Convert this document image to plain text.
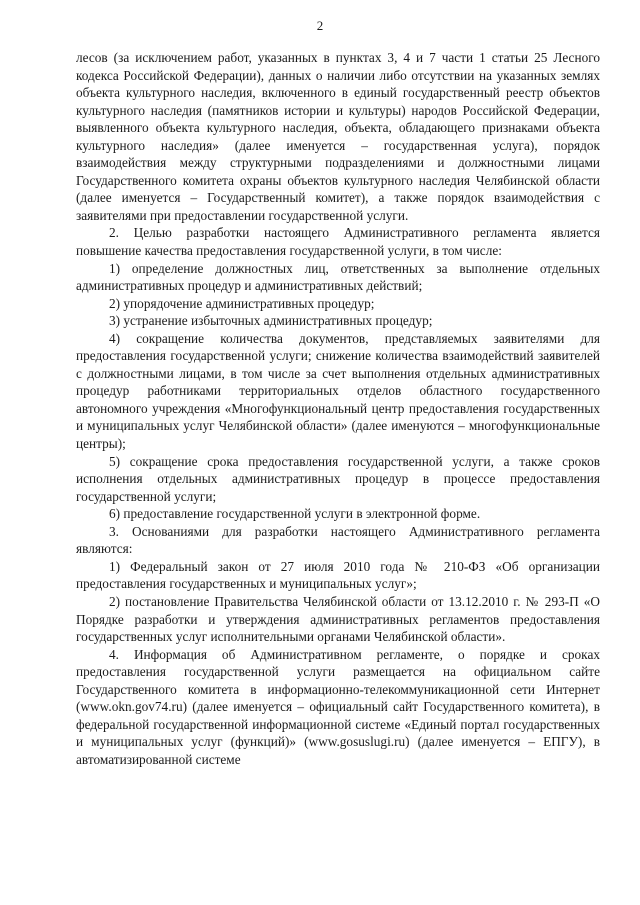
2

лесов (за исключением работ, указанных в пунктах 3, 4 и 7 части 1 статьи 25 Лесного кодекса Российской Федерации), данных о наличии либо отсутствии на указанных землях объекта культурного наследия, включенного в единый государственный реестр объектов культурного наследия (памятников истории и культуры) народов Российской Федерации, выявленного объекта культурного наследия, объекта, обладающего признаками объекта культурного наследия» (далее именуется – государственная услуга), порядок взаимодействия между структурными подразделениями и должностными лицами Государственного комитета охраны объектов культурного наследия Челябинской области (далее именуется – Государственный комитет), а также порядок взаимодействия с заявителями при предоставлении государственной услуги.

2. Целью разработки настоящего Административного регламента является повышение качества предоставления государственной услуги, в том числе:

1) определение должностных лиц, ответственных за выполнение отдельных административных процедур и административных действий;

2) упорядочение административных процедур;

3) устранение избыточных административных процедур;

4) сокращение количества документов, представляемых заявителями для предоставления государственной услуги; снижение количества взаимодействий заявителей с должностными лицами, в том числе за счет выполнения отдельных административных процедур работниками территориальных отделов областного государственного автономного учреждения «Многофункциональный центр предоставления государственных и муниципальных услуг Челябинской области» (далее именуются – многофункциональные центры);

5) сокращение срока предоставления государственной услуги, а также сроков исполнения отдельных административных процедур в процессе предоставления государственной услуги;

6) предоставление государственной услуги в электронной форме.

3. Основаниями для разработки настоящего Административного регламента являются:

1) Федеральный закон от 27 июля 2010 года № 210-ФЗ «Об организации предоставления государственных и муниципальных услуг»;

2) постановление Правительства Челябинской области от 13.12.2010 г. № 293-П «О Порядке разработки и утверждения административных регламентов предоставления государственных услуг исполнительными органами Челябинской области».

4. Информация об Административном регламенте, о порядке и сроках предоставления государственной услуги размещается на официальном сайте Государственного комитета в информационно-телекоммуникационной сети Интернет (www.okn.gov74.ru) (далее именуется – официальный сайт Государственного комитета), в федеральной государственной информационной системе «Единый портал государственных и муниципальных услуг (функций)» (www.gosuslugi.ru) (далее именуется – ЕПГУ), в автоматизированной системе
